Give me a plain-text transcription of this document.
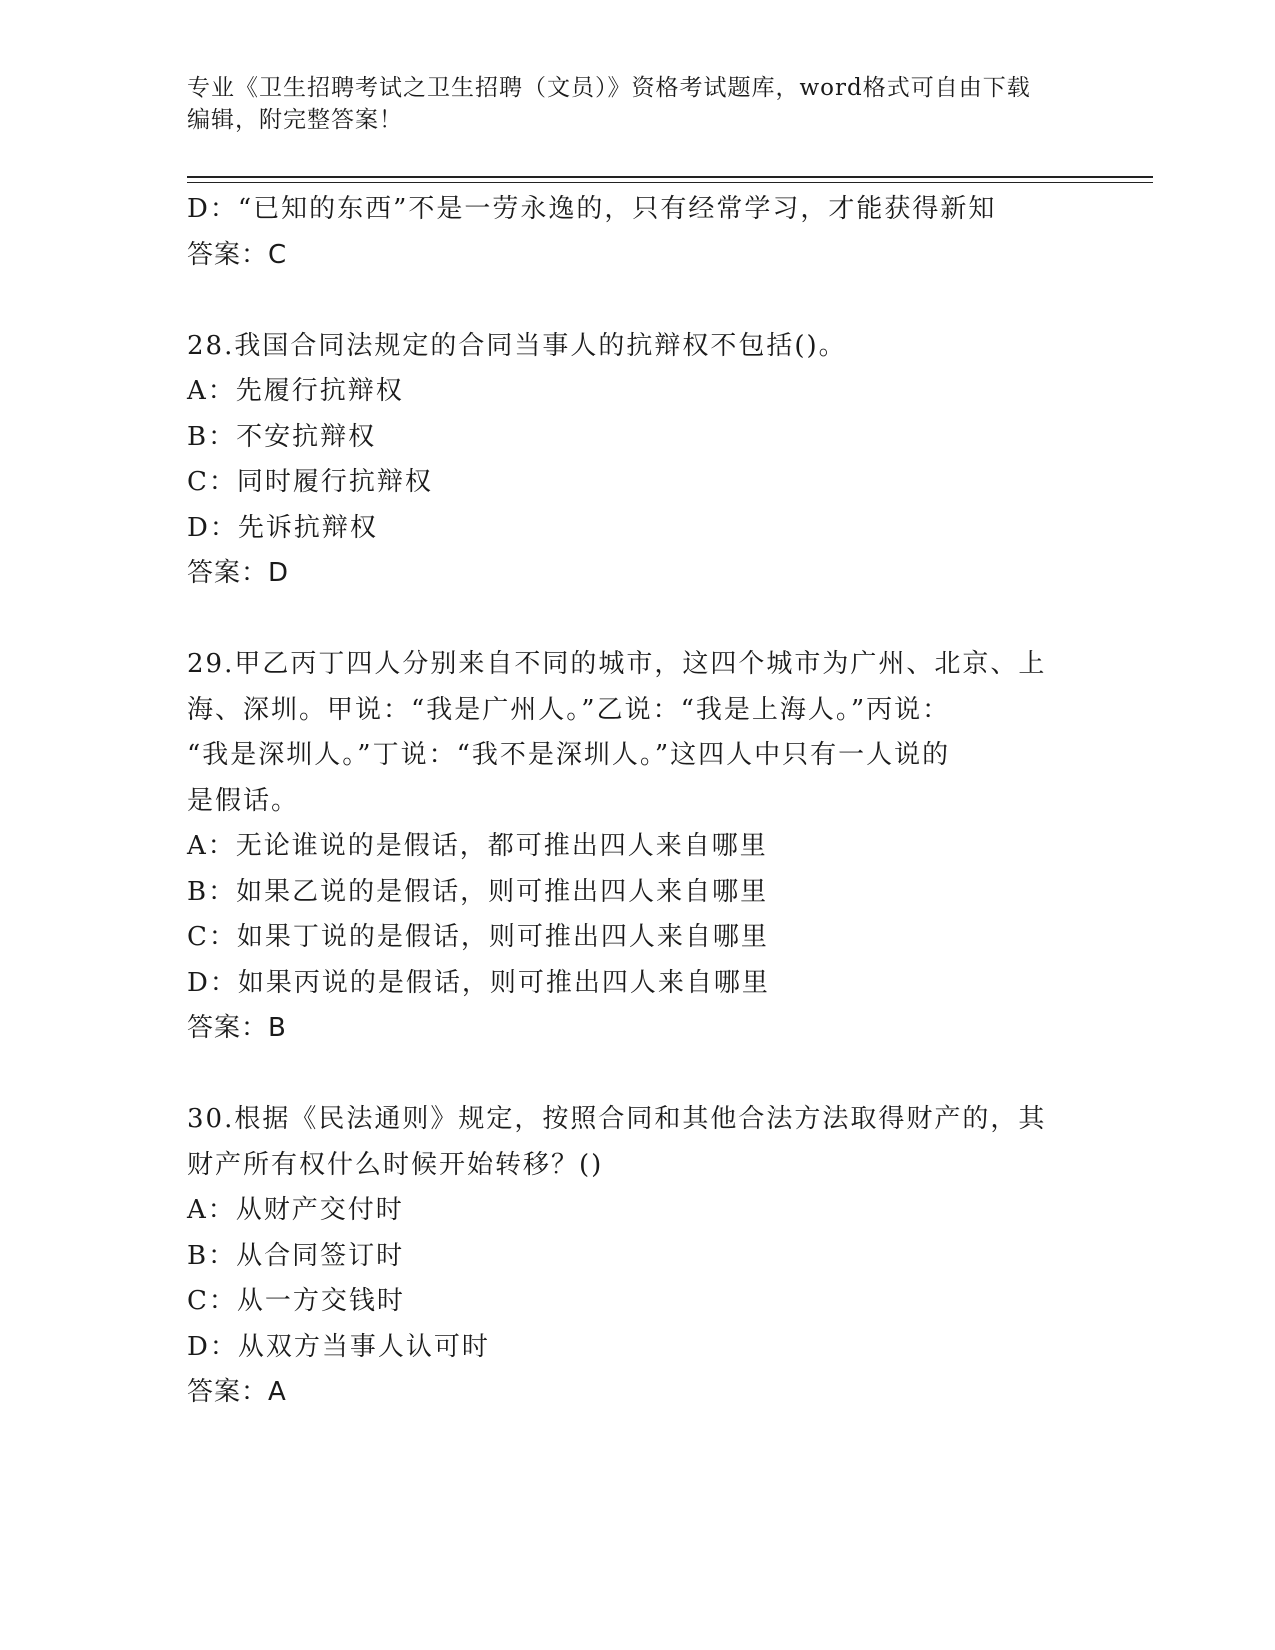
专业《卫生招聘考试之卫生招聘（文员）》资格考试题库，word格式可自由下载
编辑，附完整答案！
D：“已知的东西”不是一劳永逸的，只有经常学习，才能获得新知
答案：C
28.我国合同法规定的合同当事人的抗辩权不包括()。
A：先履行抗辩权
B：不安抗辩权
C：同时履行抗辩权
D：先诉抗辩权
答案：D
29.甲乙丙丁四人分别来自不同的城市，这四个城市为广州、北京、上
海、深圳。甲说：“我是广州人。”乙说：“我是上海人。”丙说：
“我是深圳人。”丁说：“我不是深圳人。”这四人中只有一人说的
是假话。
A：无论谁说的是假话，都可推出四人来自哪里
B：如果乙说的是假话，则可推出四人来自哪里
C：如果丁说的是假话，则可推出四人来自哪里
D：如果丙说的是假话，则可推出四人来自哪里
答案：B
30.根据《民法通则》规定，按照合同和其他合法方法取得财产的，其
财产所有权什么时候开始转移？()
A：从财产交付时
B：从合同签订时
C：从一方交钱时
D：从双方当事人认可时
答案：A
